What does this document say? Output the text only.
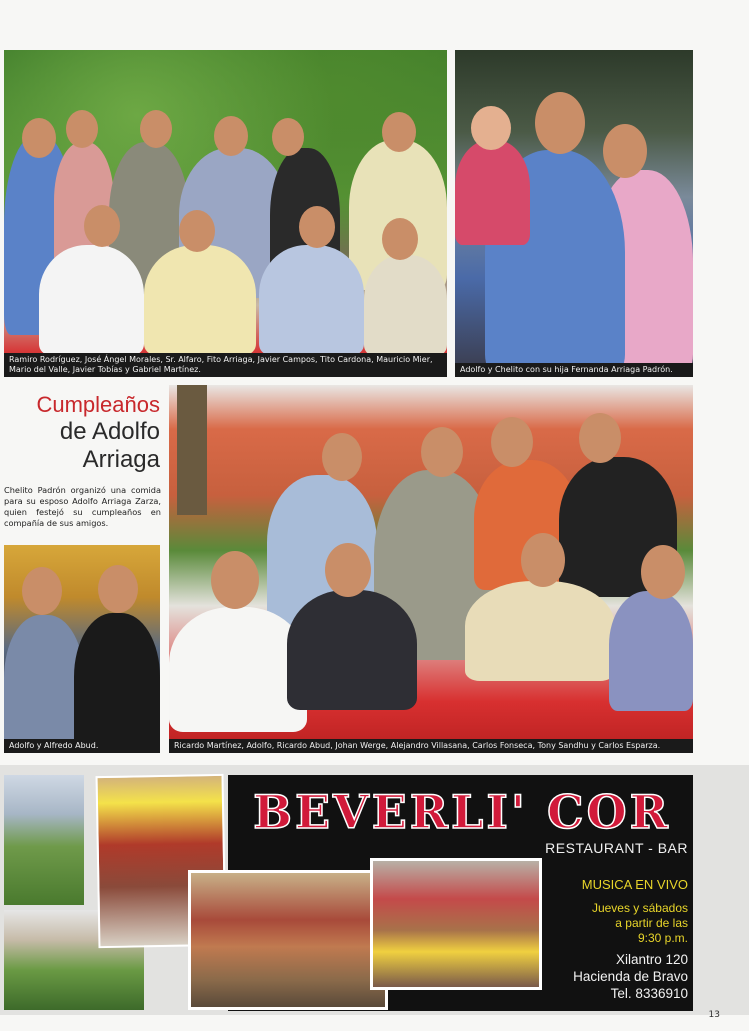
Ramiro Rodríguez, José Ángel Morales, Sr. Alfaro, Fito Arriaga, Javier Campos, Tito Cardona, Mauricio Mier, Mario del Valle, Javier Tobías y Gabriel Martínez.	Adolfo y Chelito con su hija Fernanda Arriaga Padrón.
Cumpleaños
de Adolfo
Arriaga

Chelito Padrón organizó una comida para su esposo Adolfo Arriaga Zarza, quien festejó su cumpleaños en compañía de sus amigos.

Adolfo y Alfredo Abud.	Ricardo Martínez, Adolfo, Ricardo Abud, Johan Werge, Alejandro Villasana, Carlos Fonseca, Tony Sandhu y Carlos Esparza.
BEVERLI' COR
RESTAURANT - BAR
MUSICA EN VIVO
Jueves y sábados
a partir de las
9:30 p.m.
Xilantro 120
Hacienda de Bravo
Tel. 8336910
13
